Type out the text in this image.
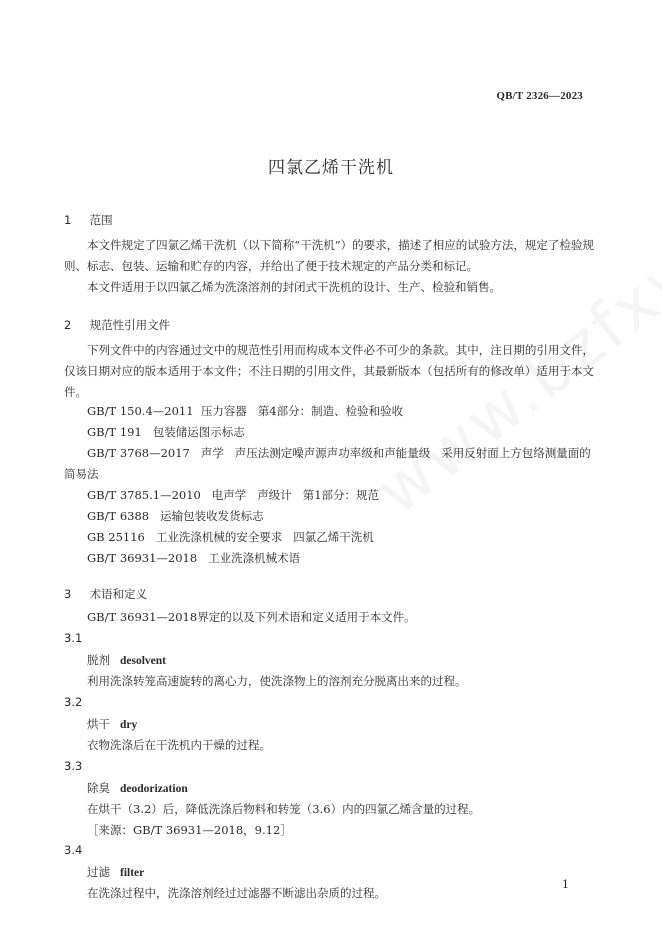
QB/T 2326—2023
四氯乙烯干洗机
1 范围
本文件规定了四氯乙烯干洗机（以下简称“干洗机”）的要求，描述了相应的试验方法，规定了检验规则、标志、包装、运输和贮存的内容，并给出了便于技术规定的产品分类和标记。
本文件适用于以四氯乙烯为洗涤溶剂的封闭式干洗机的设计、生产、检验和销售。
2 规范性引用文件
下列文件中的内容通过文中的规范性引用而构成本文件必不可少的条款。其中，注日期的引用文件，仅该日期对应的版本适用于本文件；不注日期的引用文件，其最新版本（包括所有的修改单）适用于本文件。
GB/T 150.4—2011  压力容器   第4部分：制造、检验和验收
GB/T 191   包装储运图示标志
GB/T 3768—2017   声学   声压法测定噪声源声功率级和声能量级   采用反射面上方包络测量面的
简易法
GB/T 3785.1—2010   电声学   声级计   第1部分：规范
GB/T 6388   运输包装收发货标志
GB 25116   工业洗涤机械的安全要求   四氯乙烯干洗机
GB/T 36931—2018   工业洗涤机械术语
3 术语和定义
GB/T 36931—2018界定的以及下列术语和定义适用于本文件。
3.1
脱剂 desolvent
利用洗涤转笼高速旋转的离心力，使洗涤物上的溶剂充分脱离出来的过程。
3.2
烘干 dry
衣物洗涤后在干洗机内干燥的过程。
3.3
除臭 deodorization
在烘干（3.2）后，降低洗涤后物料和转笼（3.6）内的四氯乙烯含量的过程。
［来源：GB/T 36931—2018，9.12］
3.4
过滤 filter
在洗涤过程中，洗涤溶剂经过过滤器不断滤出杂质的过程。
1
